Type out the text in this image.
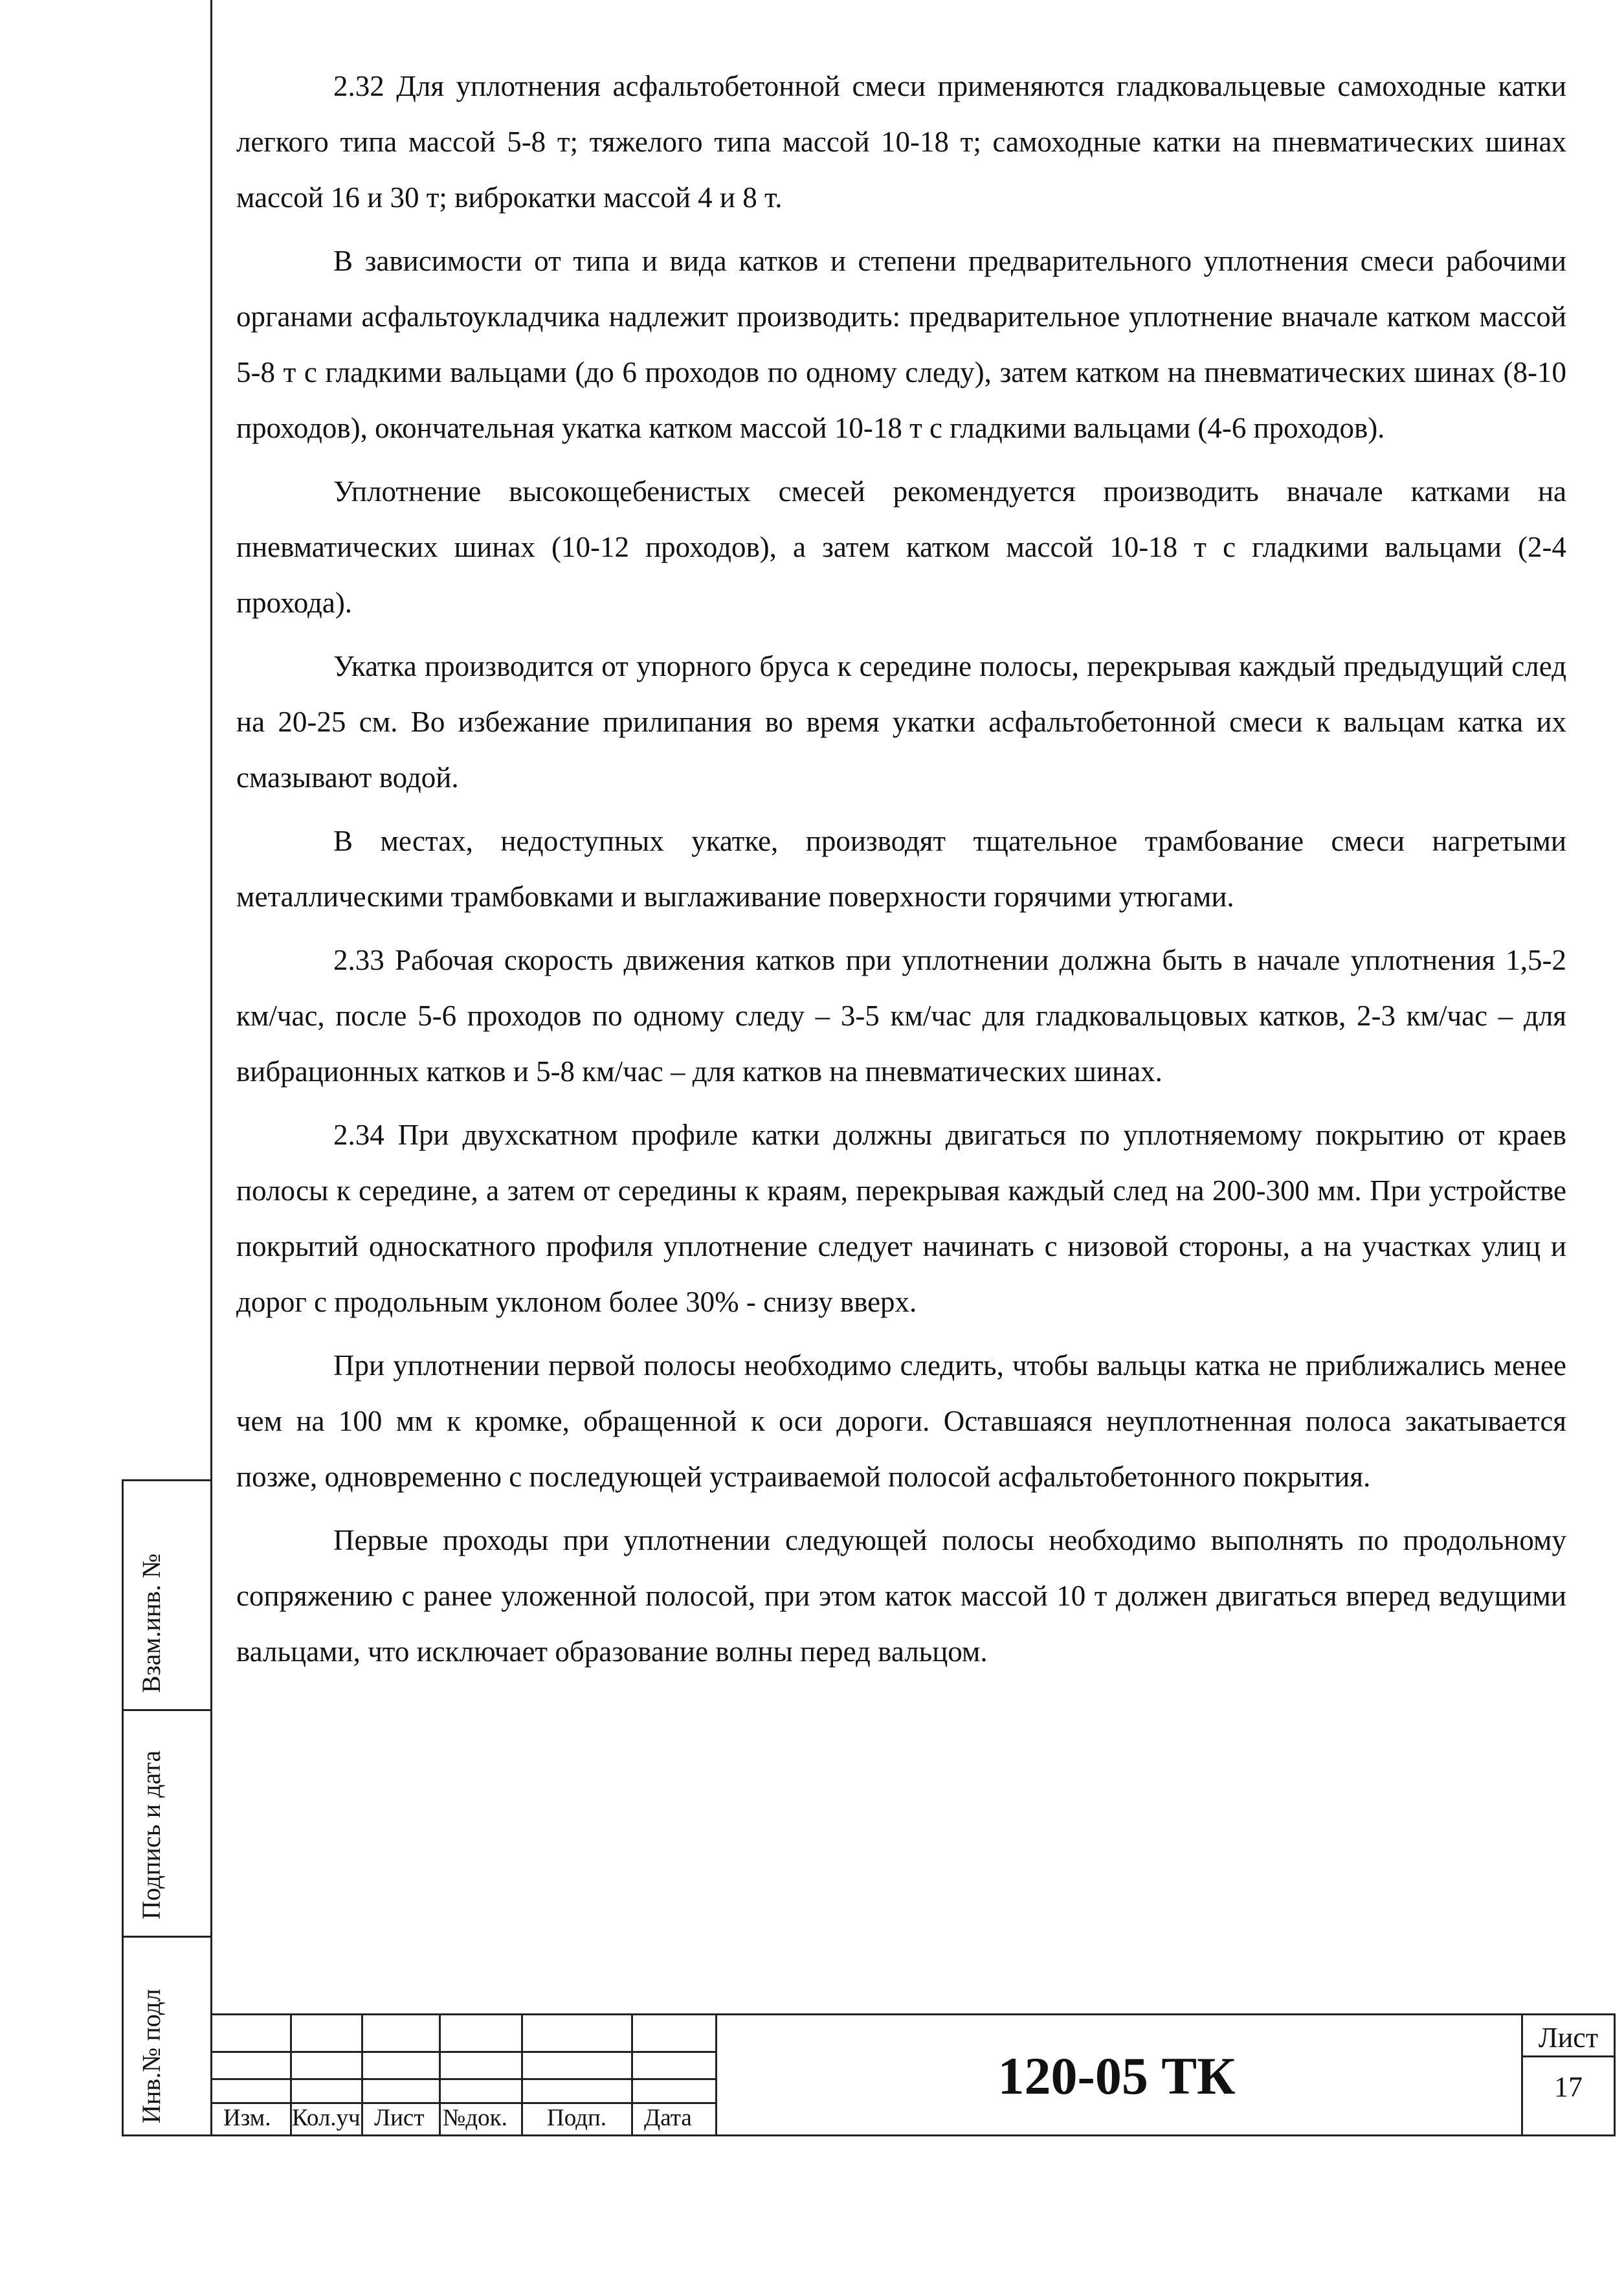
2.32 Для уплотнения асфальтобетонной смеси применяются гладковальцевые самоходные катки легкого типа массой 5-8 т; тяжелого типа массой 10-18 т; самоходные катки на пневматических шинах массой 16 и 30 т; виброкатки массой 4 и 8 т.

В зависимости от типа и вида катков и степени предварительного уплотнения смеси рабочими органами асфальтоукладчика надлежит производить: предварительное уплотнение вначале катком массой 5-8 т с гладкими вальцами (до 6 проходов по одному следу), затем катком на пневматических шинах (8-10 проходов), окончательная укатка катком массой 10-18 т с гладкими вальцами (4-6 проходов).

Уплотнение высокощебенистых смесей рекомендуется производить вначале катками на пневматических шинах (10-12 проходов), а затем катком массой 10-18 т с гладкими вальцами (2-4 прохода).

Укатка производится от упорного бруса к середине полосы, перекрывая каждый предыдущий след на 20-25 см. Во избежание прилипания во время укатки асфальтобетонной смеси к вальцам катка их смазывают водой.

В местах, недоступных укатке, производят тщательное трамбование смеси нагретыми металлическими трамбовками и выглаживание поверхности горячими утюгами.

2.33 Рабочая скорость движения катков при уплотнении должна быть в начале уплотнения 1,5-2 км/час, после 5-6 проходов по одному следу – 3-5 км/час для гладковальцовых катков, 2-3 км/час – для вибрационных катков и 5-8 км/час – для катков на пневматических шинах.

2.34 При двухскатном профиле катки должны двигаться по уплотняемому покрытию от краев полосы к середине, а затем от середины к краям, перекрывая каждый след на 200-300 мм. При устройстве покрытий односкатного профиля уплотнение следует начинать с низовой стороны, а на участках улиц и дорог с продольным уклоном более 30% - снизу вверх.

При уплотнении первой полосы необходимо следить, чтобы вальцы катка не приближались менее чем на 100 мм к кромке, обращенной к оси дороги. Оставшаяся неуплотненная полоса закатывается позже, одновременно с последующей устраиваемой полосой асфальтобетонного покрытия.

Первые проходы при уплотнении следующей полосы необходимо выполнять по продольному сопряжению с ранее уложенной полосой, при этом каток массой 10 т должен двигаться вперед ведущими вальцами, что исключает образование волны перед вальцом.

Взам.инв. №
Подпись и дата
Инв.№ подл Изм. Кол.уч Лист №док. Подп. Дата
120-05 ТК
Лист
17
